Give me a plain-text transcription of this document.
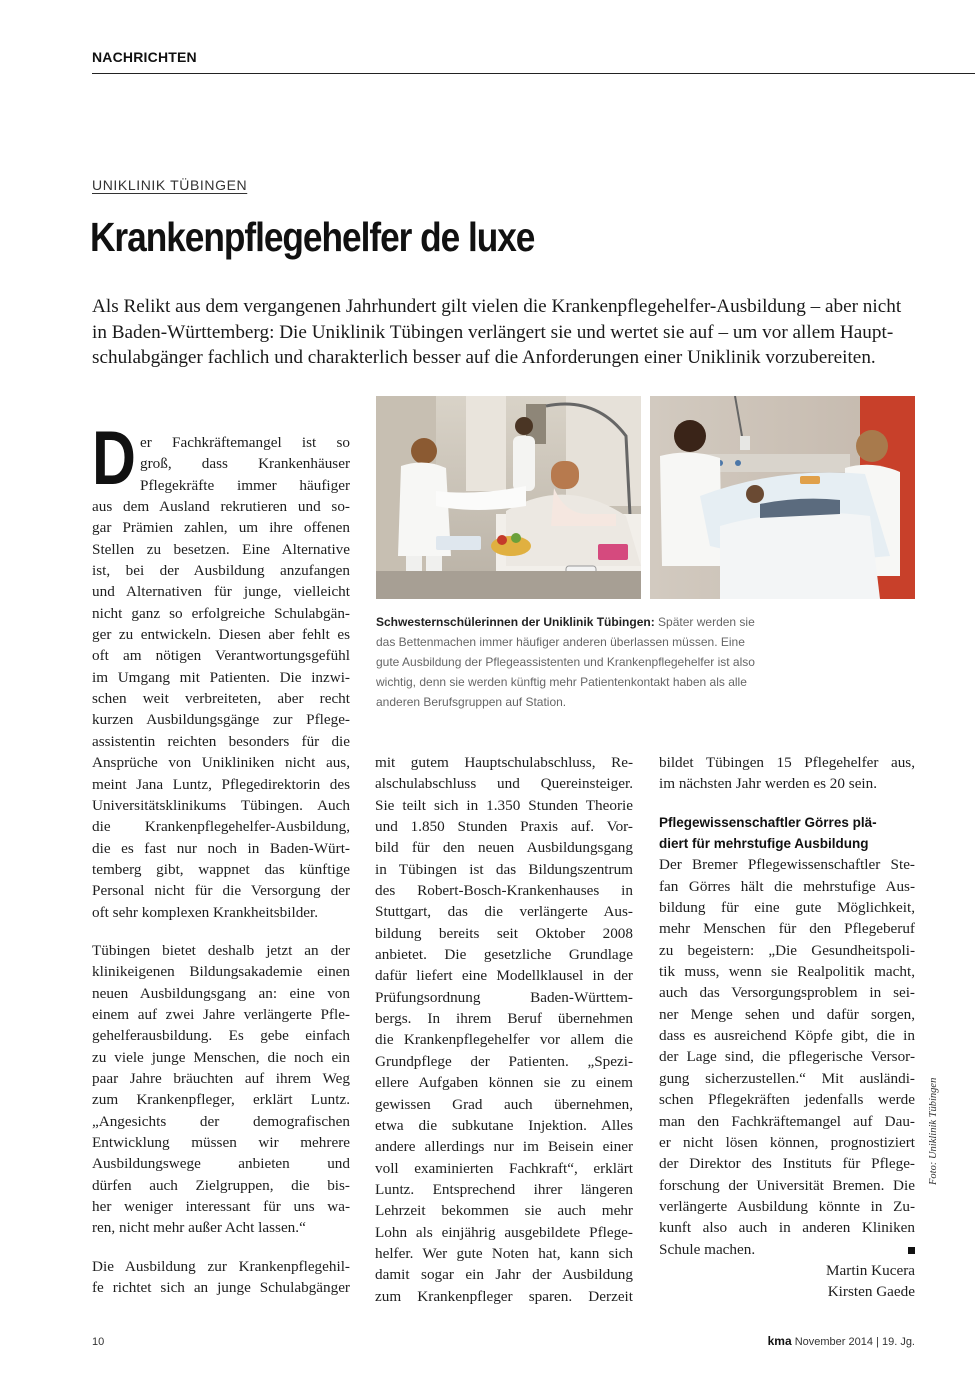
NACHRICHTEN
UNIKLINIK TÜBINGEN
Krankenpflegehelfer de luxe

Als Relikt aus dem vergangenen Jahrhundert gilt vielen die Krankenpflegehelfer-Ausbildung – aber nicht
in Baden-Württemberg: Die Uniklinik Tübingen verlängert sie und wertet sie auf – um vor allem Haupt-
schulabgänger fachlich und charakterlich besser auf die Anforderungen einer Uniklinik vorzubereiten.

Schwesternschülerinnen der Uniklinik Tübingen: Später werden sie
das Bettenmachen immer häufiger anderen überlassen müssen. Eine
gute Ausbildung der Pflegeassistenten und Krankenpflegehelfer ist also
wichtig, denn sie werden künftig mehr Patientenkontakt haben als alle
anderen Berufsgruppen auf Station.

D er Fachkräftemangel ist so
groß, dass Krankenhäuser
Pflegekräfte immer häufiger
aus dem Ausland rekrutieren und so-
gar Prämien zahlen, um ihre offenen
Stellen zu besetzen. Eine Alternative
ist, bei der Ausbildung anzufangen
und Alternativen für junge, vielleicht
nicht ganz so erfolgreiche Schulabgän-
ger zu entwickeln. Diesen aber fehlt es
oft am nötigen Verantwortungsgefühl
im Umgang mit Patienten. Die inzwi-
schen weit verbreiteten, aber recht
kurzen Ausbildungsgänge zur Pflege-
assistentin reichten besonders für die
Ansprüche von Unikliniken nicht aus,
meint Jana Luntz, Pflegedirektorin des
Universitätsklinikums Tübingen. Auch
die Krankenpflegehelfer-Ausbildung,
die es fast nur noch in Baden-Würt-
temberg gibt, wappnet das künftige
Personal nicht für die Versorgung der
oft sehr komplexen Krankheitsbilder.
Tübingen bietet deshalb jetzt an der
klinikeigenen Bildungsakademie einen
neuen Ausbildungsgang an: eine von
einem auf zwei Jahre verlängerte Pfle-
gehelferausbildung. Es gebe einfach
zu viele junge Menschen, die noch ein
paar Jahre bräuchten auf ihrem Weg
zum Krankenpfleger, erklärt Luntz.
„Angesichts der demografischen
Entwicklung müssen wir mehrere
Ausbildungswege anbieten und
dürfen auch Zielgruppen, die bis-
her weniger interessant für uns wa-
ren, nicht mehr außer Acht lassen.“
Die Ausbildung zur Krankenpflegehil-
fe richtet sich an junge Schulabgänger
mit gutem Hauptschulabschluss, Re-
alschulabschluss und Quereinsteiger.
Sie teilt sich in 1.350 Stunden Theorie
und 1.850 Stunden Praxis auf. Vor-
bild für den neuen Ausbildungsgang
in Tübingen ist das Bildungszentrum
des Robert-Bosch-Krankenhauses in
Stuttgart, das die verlängerte Aus-
bildung bereits seit Oktober 2008
anbietet. Die gesetzliche Grundlage
dafür liefert eine Modellklausel in der
Prüfungsordnung Baden-Württem-
bergs. In ihrem Beruf übernehmen
die Krankenpflegehelfer vor allem die
Grundpflege der Patienten. „Spezi-
ellere Aufgaben können sie zu einem
gewissen Grad auch übernehmen,
etwa die subkutane Injektion. Alles
andere allerdings nur im Beisein einer
voll examinierten Fachkraft“, erklärt
Luntz. Entsprechend ihrer längeren
Lehrzeit bekommen sie auch mehr
Lohn als einjährig ausgebildete Pflege-
helfer. Wer gute Noten hat, kann sich
damit sogar ein Jahr der Ausbildung
zum Krankenpfleger sparen. Derzeit
bildet Tübingen 15 Pflegehelfer aus,
im nächsten Jahr werden es 20 sein.
Pflegewissenschaftler Görres plä-
diert für mehrstufige Ausbildung
Der Bremer Pflegewissenschaftler Ste-
fan Görres hält die mehrstufige Aus-
bildung für eine gute Möglichkeit,
mehr Menschen für den Pflegeberuf
zu begeistern: „Die Gesundheitspoli-
tik muss, wenn sie Realpolitik macht,
auch das Versorgungsproblem in sei-
ner Menge sehen und dafür sorgen,
dass es ausreichend Köpfe gibt, die in
der Lage sind, die pflegerische Versor-
gung sicherzustellen.“ Mit ausländi-
schen Pflegekräften jedenfalls werde
man den Fachkräftemangel auf Dau-
er nicht lösen können, prognostiziert
der Direktor des Instituts für Pflege-
forschung der Universität Bremen. Die
verlängerte Ausbildung könnte in Zu-
kunft also auch in anderen Kliniken
Schule machen.
Martin Kucera
Kirsten Gaede
Foto: Uniklinik Tübingen
10	kma November 2014 | 19. Jg.
